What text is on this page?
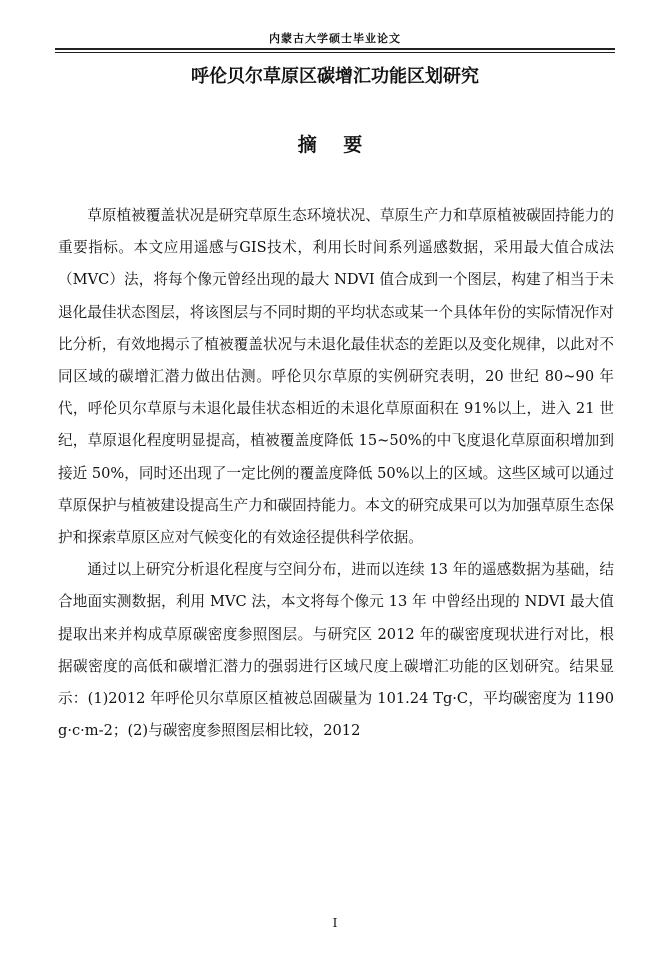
内蒙古大学硕士毕业论文
呼伦贝尔草原区碳增汇功能区划研究
摘 要

草原植被覆盖状况是研究草原生态环境状况、草原生产力和草原植被碳固持能力的重要指标。本文应用遥感与GIS技术，利用长时间系列遥感数据，采用最大值合成法（MVC）法，将每个像元曾经出现的最大 NDVI 值合成到一个图层，构建了相当于未退化最佳状态图层，将该图层与不同时期的平均状态或某一个具体年份的实际情况作对比分析，有效地揭示了植被覆盖状况与未退化最佳状态的差距以及变化规律，以此对不同区域的碳增汇潜力做出估测。呼伦贝尔草原的实例研究表明，20 世纪 80~90 年代，呼伦贝尔草原与未退化最佳状态相近的未退化草原面积在 91%以上，进入 21 世纪，草原退化程度明显提高，植被覆盖度降低 15~50%的中飞度退化草原面积增加到接近 50%，同时还出现了一定比例的覆盖度降低 50%以上的区域。这些区域可以通过草原保护与植被建设提高生产力和碳固持能力。本文的研究成果可以为加强草原生态保护和探索草原区应对气候变化的有效途径提供科学依据。

通过以上研究分析退化程度与空间分布，进而以连续 13 年的遥感数据为基础，结合地面实测数据，利用 MVC 法，本文将每个像元 13 年 中曾经出现的 NDVI 最大值提取出来并构成草原碳密度参照图层。与研究区 2012 年的碳密度现状进行对比，根据碳密度的高低和碳增汇潜力的强弱进行区域尺度上碳增汇功能的区划研究。结果显示：(1)2012 年呼伦贝尔草原区植被总固碳量为 101.24 Tg·C，平均碳密度为 1190 g·c·m-2；(2)与碳密度参照图层相比较，2012

I
